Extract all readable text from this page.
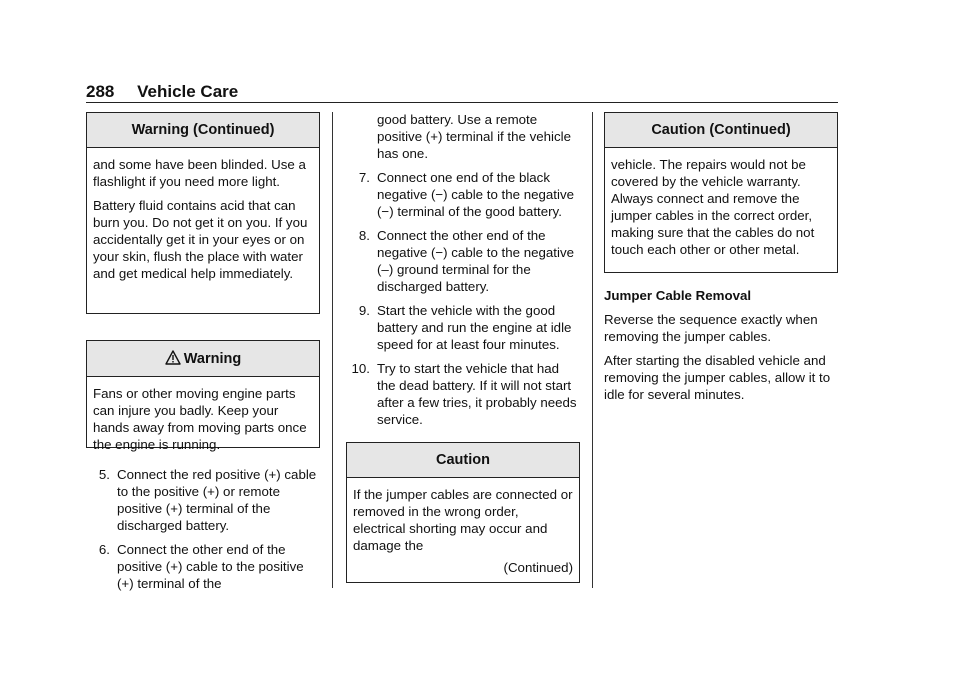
288 Vehicle Care
Warning (Continued)

and some have been blinded. Use a flashlight if you need more light.

Battery fluid contains acid that can burn you. Do not get it on you. If you accidentally get it in your eyes or on your skin, flush the place with water and get medical help immediately.

Warning

Fans or other moving engine parts can injure you badly. Keep your hands away from moving parts once the engine is running.

5. Connect the red positive (+) cable to the positive (+) or remote positive (+) terminal of the discharged battery.
6. Connect the other end of the positive (+) cable to the positive (+) terminal of the

good battery. Use a remote positive (+) terminal if the vehicle has one.

7. Connect one end of the black negative (−) cable to the negative (−) terminal of the good battery.
8. Connect the other end of the negative (−) cable to the negative (–) ground terminal for the discharged battery.
9. Start the vehicle with the good battery and run the engine at idle speed for at least four minutes.
10. Try to start the vehicle that had the dead battery. If it will not start after a few tries, it probably needs service.
Caution

If the jumper cables are connected or removed in the wrong order, electrical shorting may occur and damage the

(Continued)
Caution (Continued)

vehicle. The repairs would not be covered by the vehicle warranty. Always connect and remove the jumper cables in the correct order, making sure that the cables do not touch each other or other metal.

Jumper Cable Removal

Reverse the sequence exactly when removing the jumper cables.

After starting the disabled vehicle and removing the jumper cables, allow it to idle for several minutes.
